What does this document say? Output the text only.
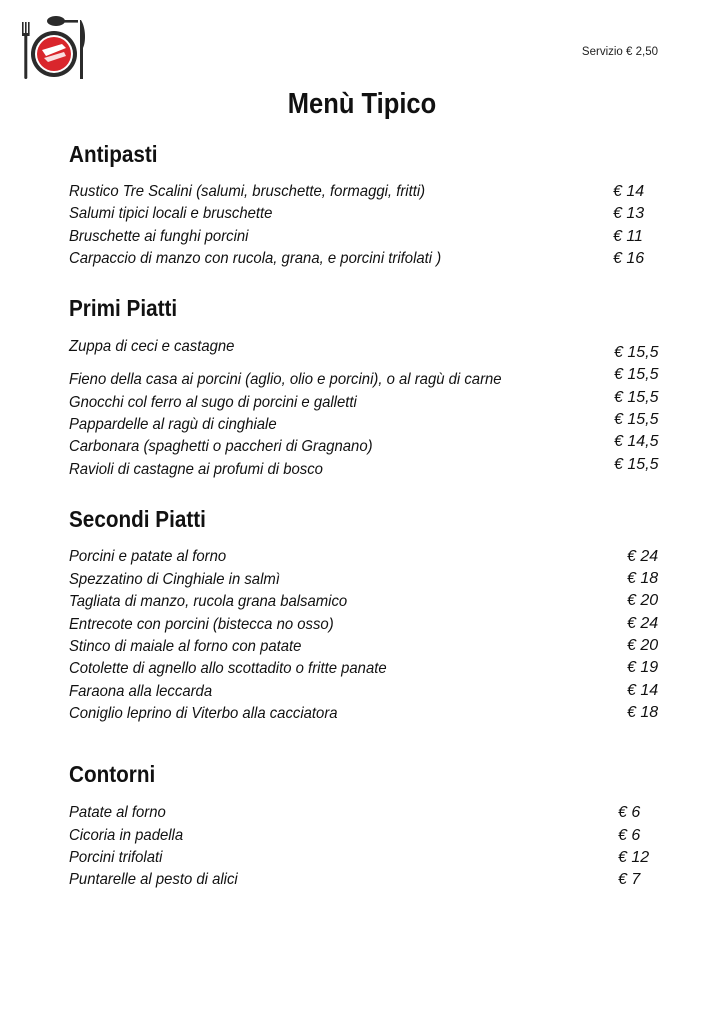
Servizio € 2,50
Menù Tipico
Antipasti
Rustico Tre Scalini (salumi, bruschette, formaggi, fritti)	€ 14
Salumi tipici locali e bruschette	€ 13
Bruschette ai funghi porcini	€ 11
Carpaccio di manzo con rucola, grana, e porcini trifolati )	€ 16
Primi Piatti
Zuppa di ceci e castagne	€ 15,5
Fieno della casa ai porcini (aglio, olio e porcini), o al ragù di carne	€ 15,5
Gnocchi col ferro al sugo di porcini e galletti	€ 15,5
Pappardelle al ragù di cinghiale	€ 15,5
Carbonara (spaghetti o paccheri di Gragnano)	€ 14,5
Ravioli di castagne ai profumi di bosco	€ 15,5
Secondi Piatti
Porcini e patate al forno	€ 24
Spezzatino di Cinghiale in salmì	€ 18
Tagliata di manzo, rucola grana balsamico	€ 20
Entrecote con porcini (bistecca no osso)	€ 24
Stinco di maiale al forno con patate	€ 20
Cotolette di agnello allo scottadito o fritte panate	€ 19
Faraona alla leccarda	€ 14
Coniglio leprino di Viterbo alla cacciatora	€ 18
Contorni
Patate al forno	€ 6
Cicoria in padella	€ 6
Porcini trifolati	€ 12
Puntarelle al pesto di alici	€ 7
